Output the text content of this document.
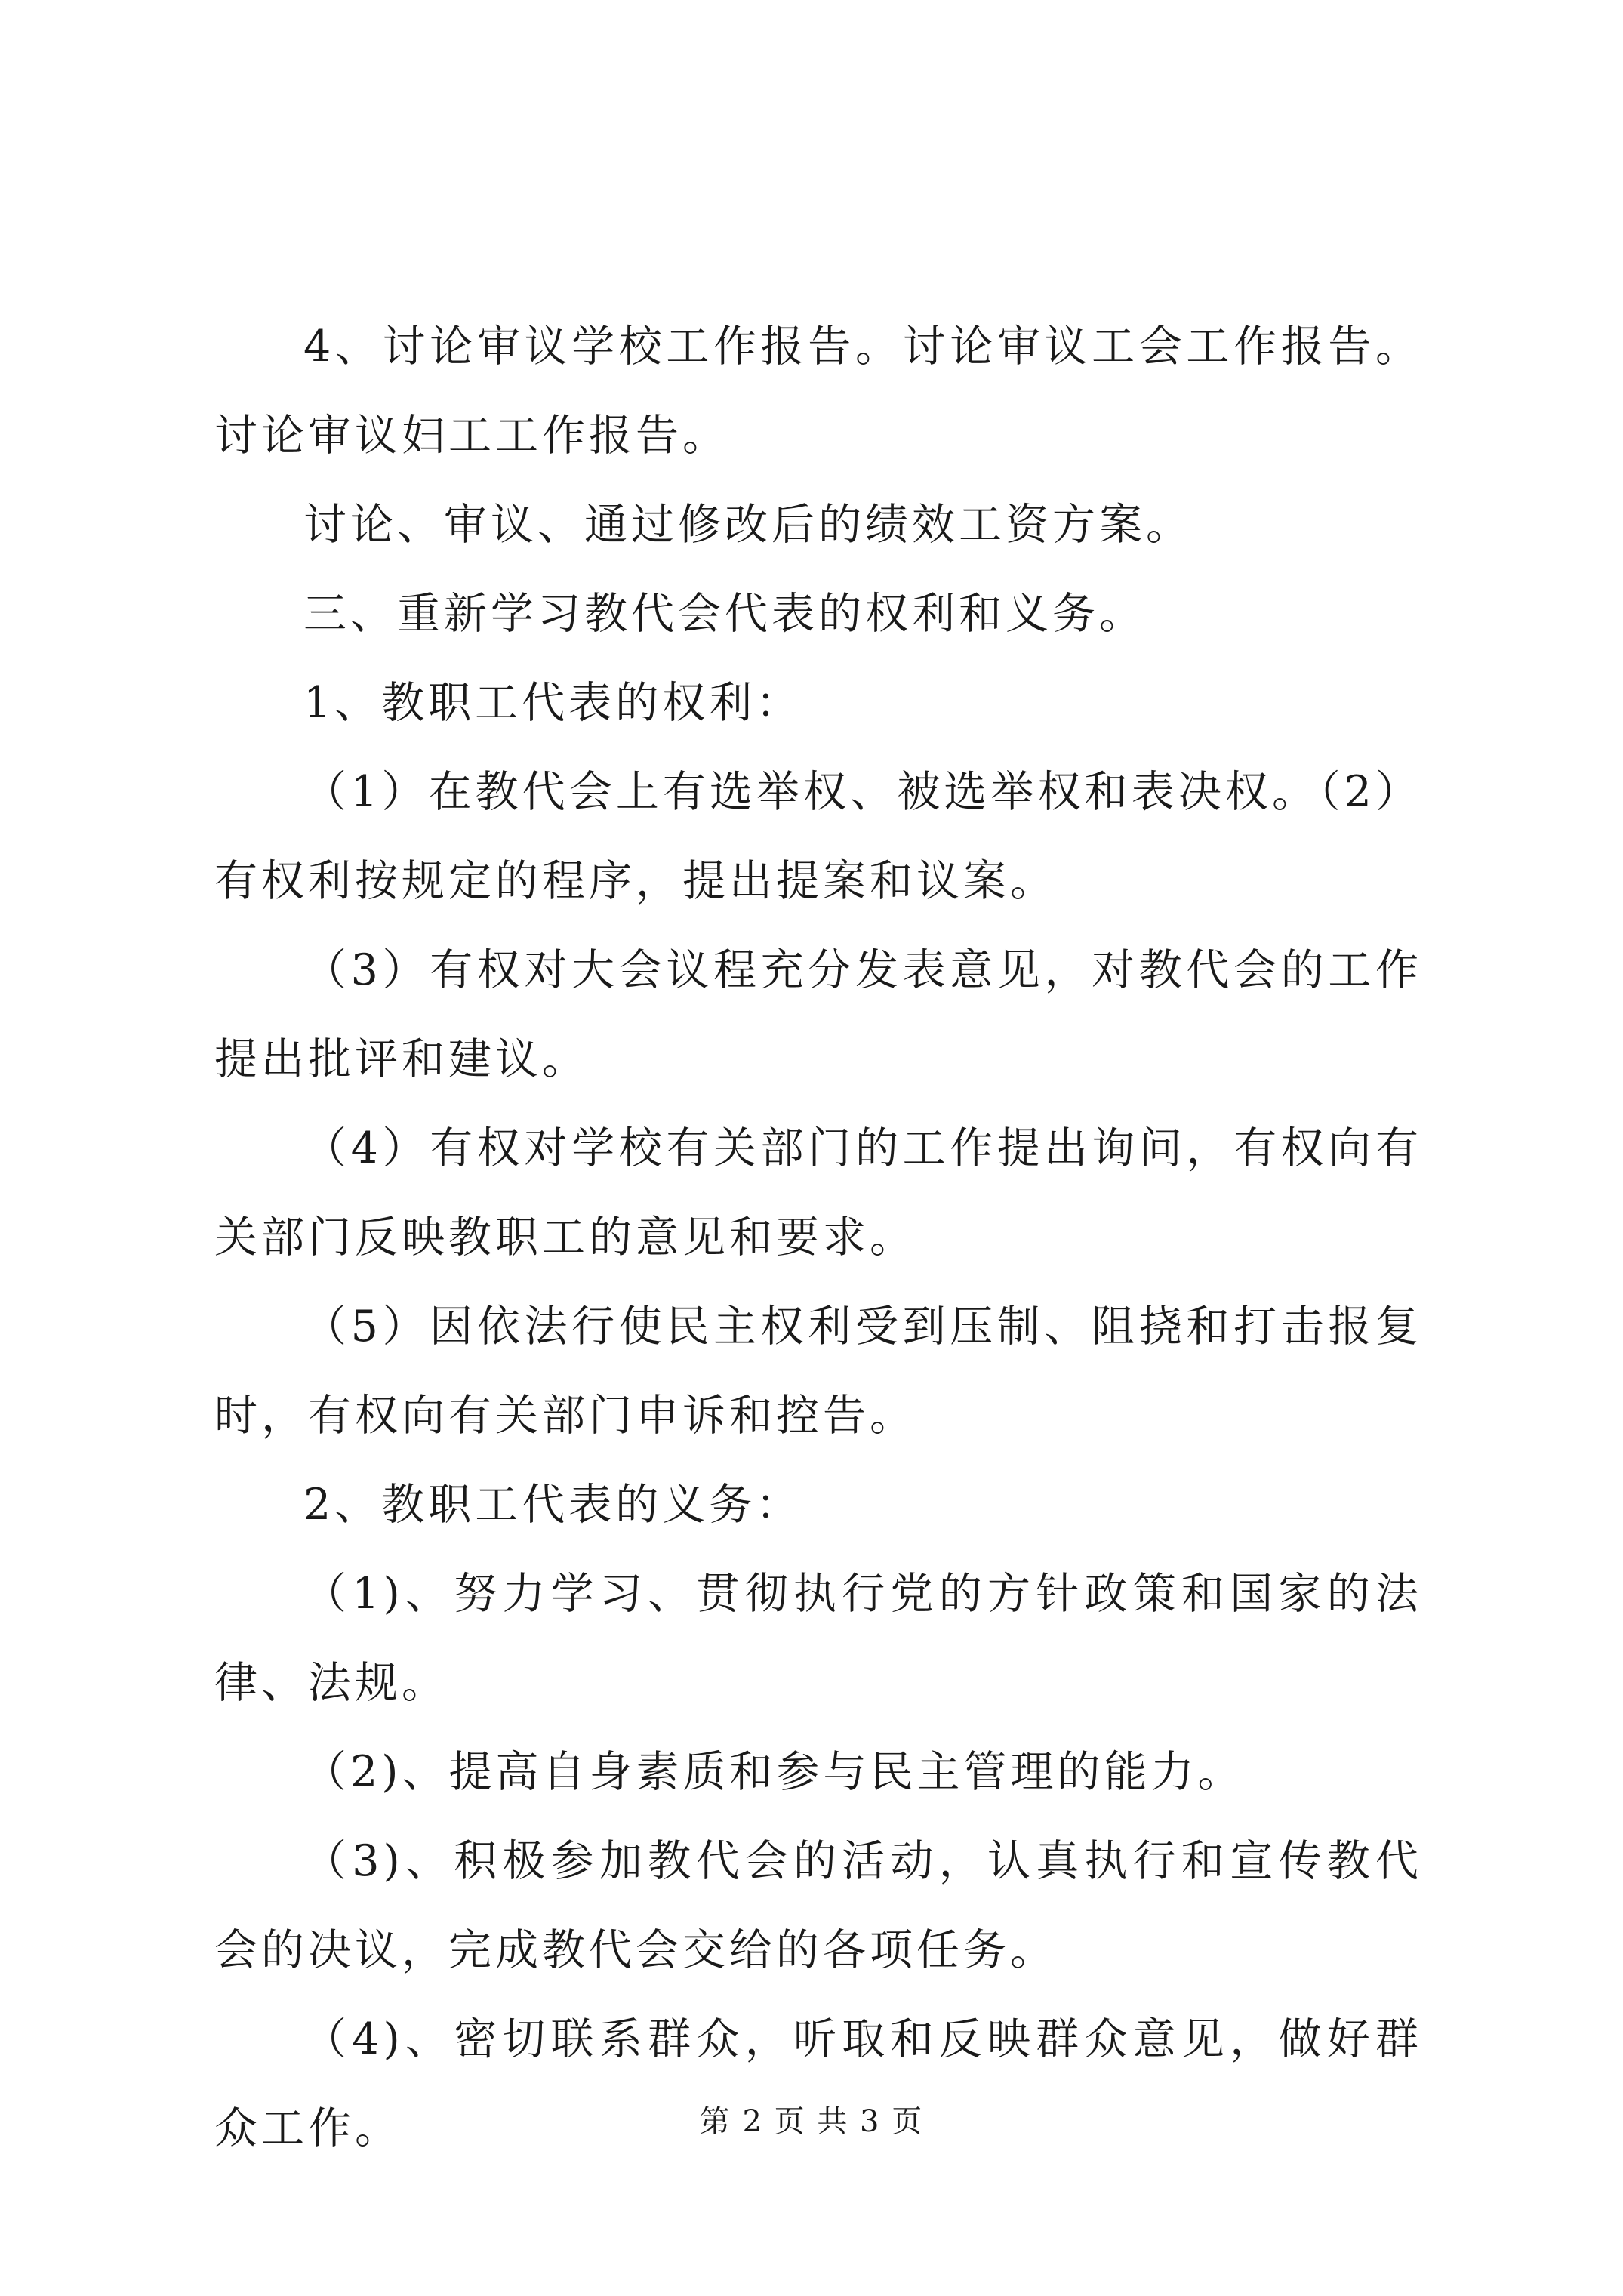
4、讨论审议学校工作报告。讨论审议工会工作报告。讨论审议妇工工作报告。

讨论、审议、通过修改后的绩效工资方案。

三、重新学习教代会代表的权利和义务。

1、教职工代表的权利：

（1）在教代会上有选举权、被选举权和表决权。（2）有权利按规定的程序，提出提案和议案。

（3）有权对大会议程充分发表意见，对教代会的工作提出批评和建议。

（4）有权对学校有关部门的工作提出询问，有权向有关部门反映教职工的意见和要求。

（5）因依法行使民主权利受到压制、阻挠和打击报复时，有权向有关部门申诉和控告。

2、教职工代表的义务：

（1)、努力学习、贯彻执行党的方针政策和国家的法律、法规。

（2)、提高自身素质和参与民主管理的能力。

（3)、积极参加教代会的活动，认真执行和宣传教代会的决议，完成教代会交给的各项任务。

（4)、密切联系群众，听取和反映群众意见，做好群众工作。	第 2 页 共 3 页
